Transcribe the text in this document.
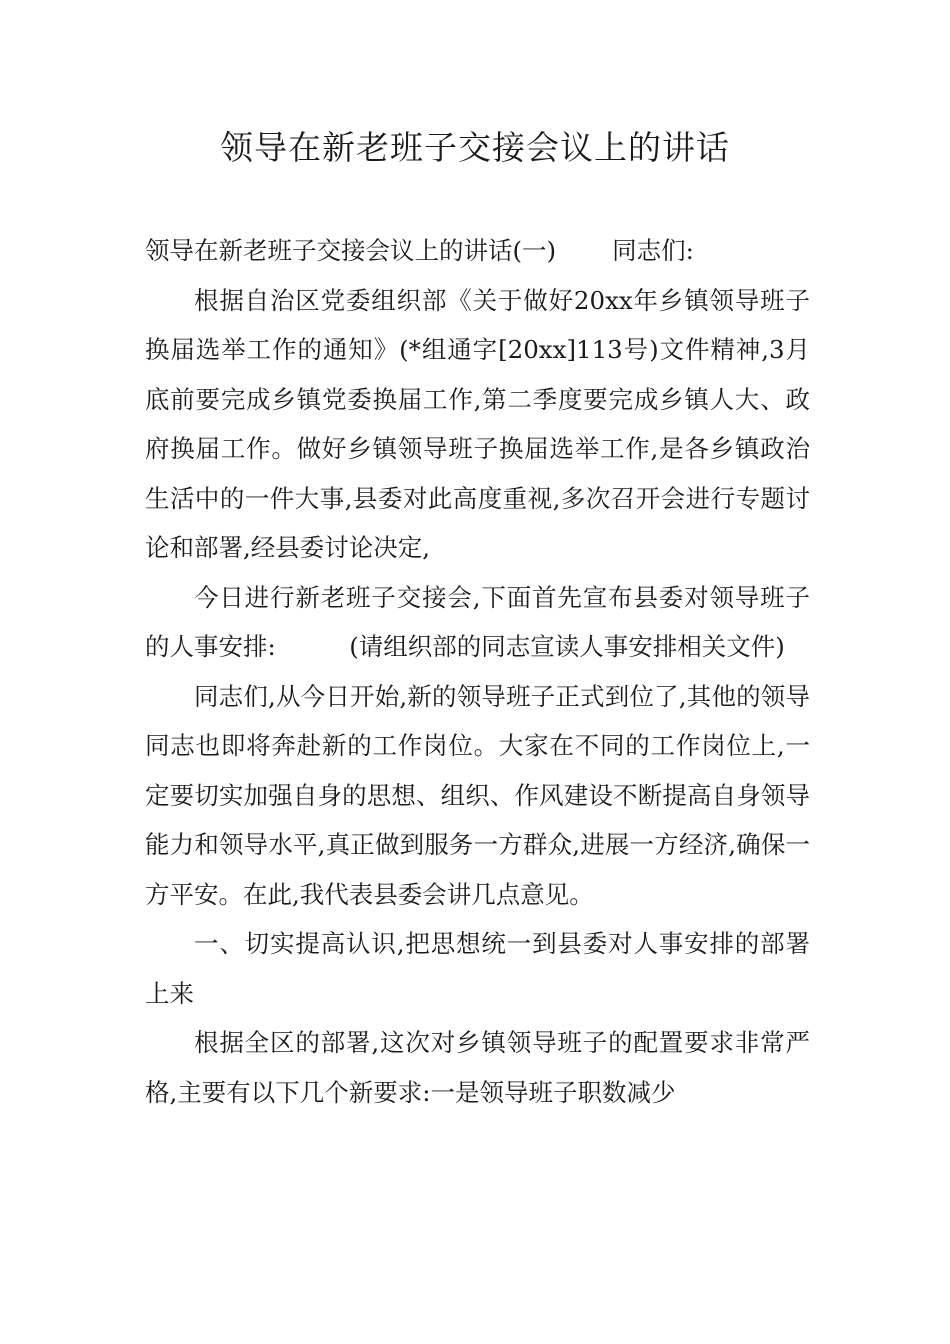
领导在新老班子交接会议上的讲话

领导在新老班子交接会议上的讲话(一) 同志们:

根据自治区党委组织部《关于做好20xx年乡镇领导班子换届选举工作的通知》(*组通字[20xx]113号)文件精神,3月底前要完成乡镇党委换届工作,第二季度要完成乡镇人大、政府换届工作。做好乡镇领导班子换届选举工作,是各乡镇政治生活中的一件大事,县委对此高度重视,多次召开会进行专题讨论和部署,经县委讨论决定,

今日进行新老班子交接会,下面首先宣布县委对领导班子的人事安排:　　　(请组织部的同志宣读人事安排相关文件)

同志们,从今日开始,新的领导班子正式到位了,其他的领导同志也即将奔赴新的工作岗位。大家在不同的工作岗位上,一定要切实加强自身的思想、组织、作风建设不断提高自身领导能力和领导水平,真正做到服务一方群众,进展一方经济,确保一方平安。在此,我代表县委会讲几点意见。

一、切实提高认识,把思想统一到县委对人事安排的部署上来

根据全区的部署,这次对乡镇领导班子的配置要求非常严格,主要有以下几个新要求:一是领导班子职数减少
